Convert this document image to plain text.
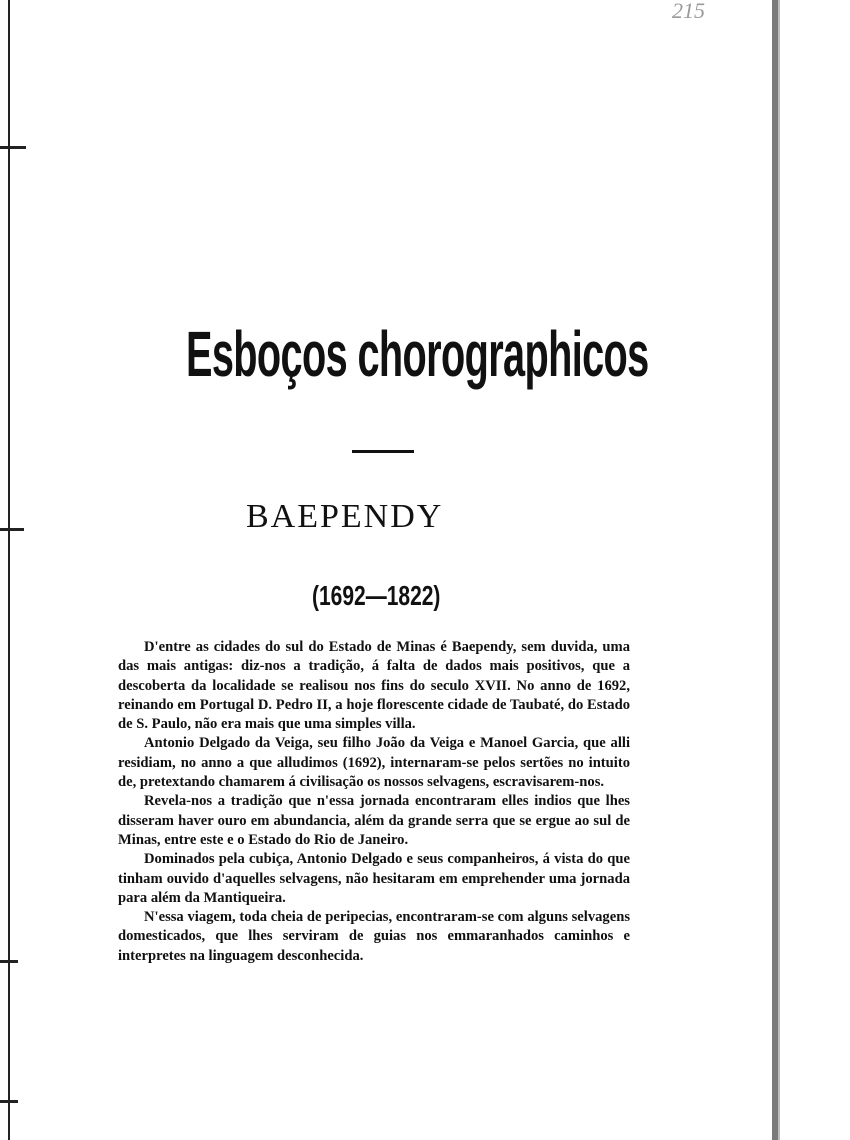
215
Esboços chorographicos
BAEPENDY
(1692—1822)

D'entre as cidades do sul do Estado de Minas é Baependy, sem duvida, uma das mais antigas: diz-nos a tradição, á falta de dados mais positivos, que a descoberta da localidade se realisou nos fins do seculo XVII. No anno de 1692, reinando em Portugal D. Pedro II, a hoje florescente cidade de Taubaté, do Estado de S. Paulo, não era mais que uma simples villa.

Antonio Delgado da Veiga, seu filho João da Veiga e Manoel Garcia, que alli residiam, no anno a que alludimos (1692), internaram-se pelos sertões no intuito de, pretextando chamarem á civilisação os nossos selvagens, escravisarem-nos.

Revela-nos a tradição que n'essa jornada encontraram elles indios que lhes disseram haver ouro em abundancia, além da grande serra que se ergue ao sul de Minas, entre este e o Estado do Rio de Janeiro.

Dominados pela cubiça, Antonio Delgado e seus companheiros, á vista do que tinham ouvido d'aquelles selvagens, não hesitaram em emprehender uma jornada para além da Mantiqueira.

N'essa viagem, toda cheia de peripecias, encontraram-se com alguns selvagens domesticados, que lhes serviram de guias nos emmaranhados caminhos e interpretes na linguagem desconhecida.
